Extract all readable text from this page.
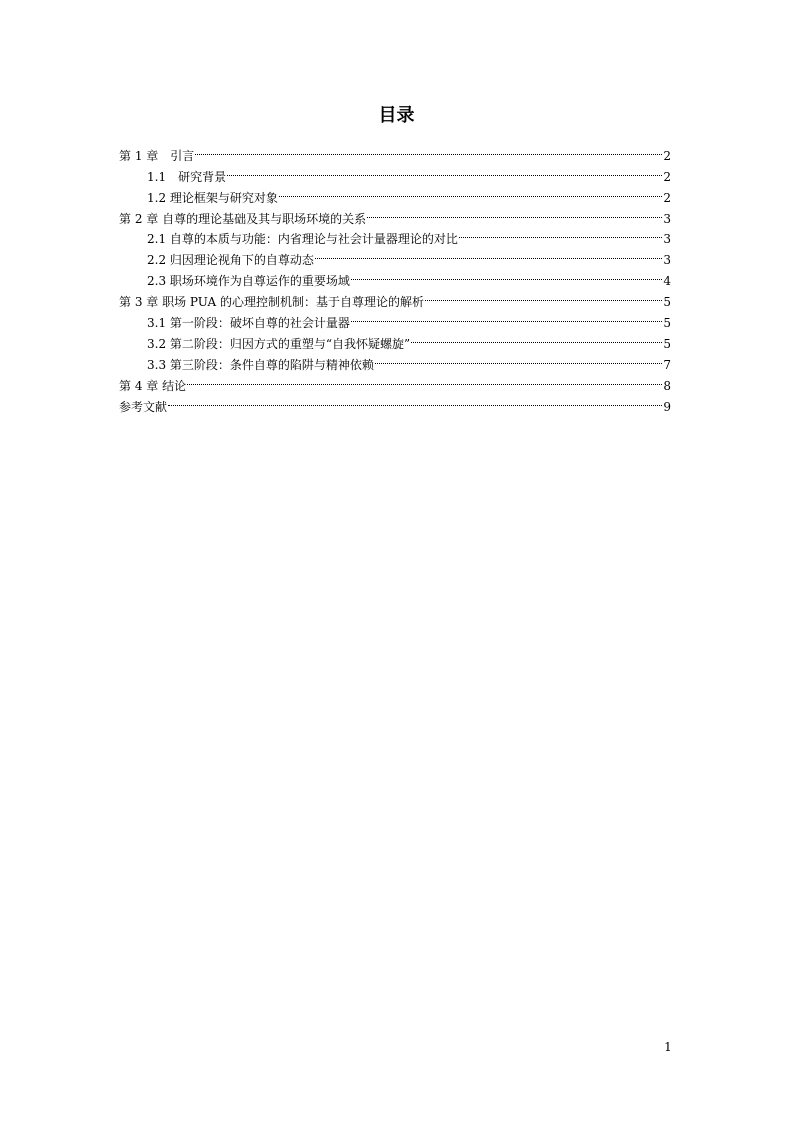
目录
第 1 章　引言	2
1.1　研究背景	2
1.2 理论框架与研究对象	2
第 2 章 自尊的理论基础及其与职场环境的关系	3
2.1 自尊的本质与功能：内省理论与社会计量器理论的对比	3
2.2 归因理论视角下的自尊动态	3
2.3 职场环境作为自尊运作的重要场域	4
第 3 章 职场 PUA 的心理控制机制：基于自尊理论的解析	5
3.1 第一阶段：破坏自尊的社会计量器	5
3.2 第二阶段：归因方式的重塑与“自我怀疑螺旋”	5
3.3 第三阶段：条件自尊的陷阱与精神依赖	7
第 4 章 结论	8
参考文献	9
1
